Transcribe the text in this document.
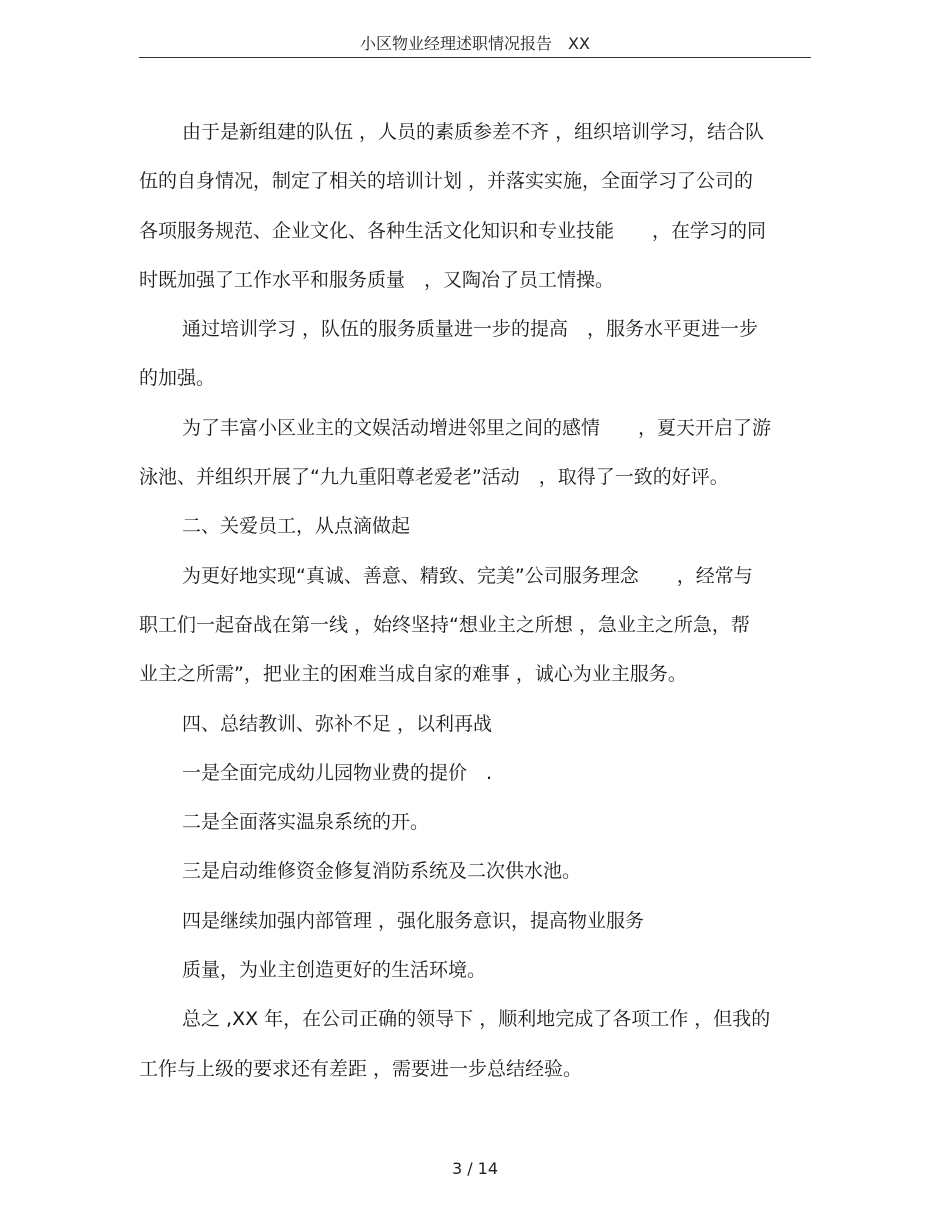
小区物业经理述职情况报告 XX
由于是新组建的队伍 ，人员的素质参差不齐 ，组织培训学习，结合队
伍的自身情况，制定了相关的培训计划 ，并落实实施，全面学习了公司的
各项服务规范、企业文化、各种生活文化知识和专业技能　　，在学习的同
时既加强了工作水平和服务质量　，又陶冶了员工情操。
通过培训学习 ，队伍的服务质量进一步的提高　，服务水平更进一步
的加强。
为了丰富小区业主的文娱活动增进邻里之间的感情　　，夏天开启了游
泳池、并组织开展了“九九重阳尊老爱老”活动　，取得了一致的好评。
二、关爱员工，从点滴做起
为更好地实现“真诚、善意、精致、完美”公司服务理念　　，经常与
职工们一起奋战在第一线 ，始终坚持“想业主之所想 ，急业主之所急，帮
业主之所需”，把业主的困难当成自家的难事 ，诚心为业主服务。
四、总结教训、弥补不足 ，以利再战
一是全面完成幼儿园物业费的提价　.
二是全面落实温泉系统的开。
三是启动维修资金修复消防系统及二次供水池。
四是继续加强内部管理 ，强化服务意识，提高物业服务
质量，为业主创造更好的生活环境。
总之 ,XX 年，在公司正确的领导下 ，顺利地完成了各项工作 ，但我的
工作与上级的要求还有差距 ，需要进一步总结经验。
3 / 14
